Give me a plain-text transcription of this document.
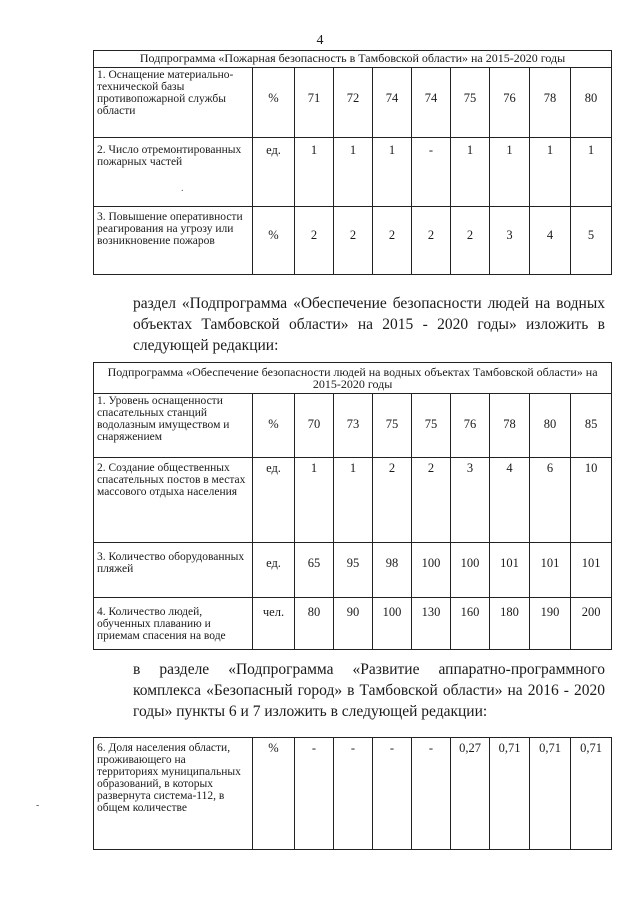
4
Подпрограмма «Пожарная безопасность в Тамбовской области» на 2015-2020 годы									
1. Оснащение материально-технической базы противопожарной службы области	%	71	72	74	74	75	76	78	80
2. Число отремонтированных пожарных частей	ед.	1	1	1	-	1	1	1	1
3. Повышение оперативности реагирования на угрозу или возникновение пожаров	%	2	2	2	2	2	3	4	5
.
раздел «Подпрограмма «Обеспечение безопасности людей на водных объектах Тамбовской области» на 2015 - 2020 годы» изложить в следующей редакции:
Подпрограмма «Обеспечение безопасности людей на водных объектах Тамбовской области» на 2015-2020 годы									
1. Уровень оснащенности спасательных станций водолазным имуществом и снаряжением	%	70	73	75	75	76	78	80	85
2. Создание общественных спасательных постов в местах массового отдыха населения	ед.	1	1	2	2	3	4	6	10
3. Количество оборудованных пляжей	ед.	65	95	98	100	100	101	101	101
4. Количество людей, обученных плаванию и приемам спасения на воде	чел.	80	90	100	130	160	180	190	200
в разделе «Подпрограмма «Развитие аппаратно-программного комплекса «Безопасный город» в Тамбовской области» на 2016 - 2020 годы» пункты 6 и 7 изложить в следующей редакции:
-
6. Доля населения области, проживающего на территориях муниципальных образований, в которых развернута система-112, в общем количестве	%	-	-	-	-	0,27	0,71	0,71	0,71
